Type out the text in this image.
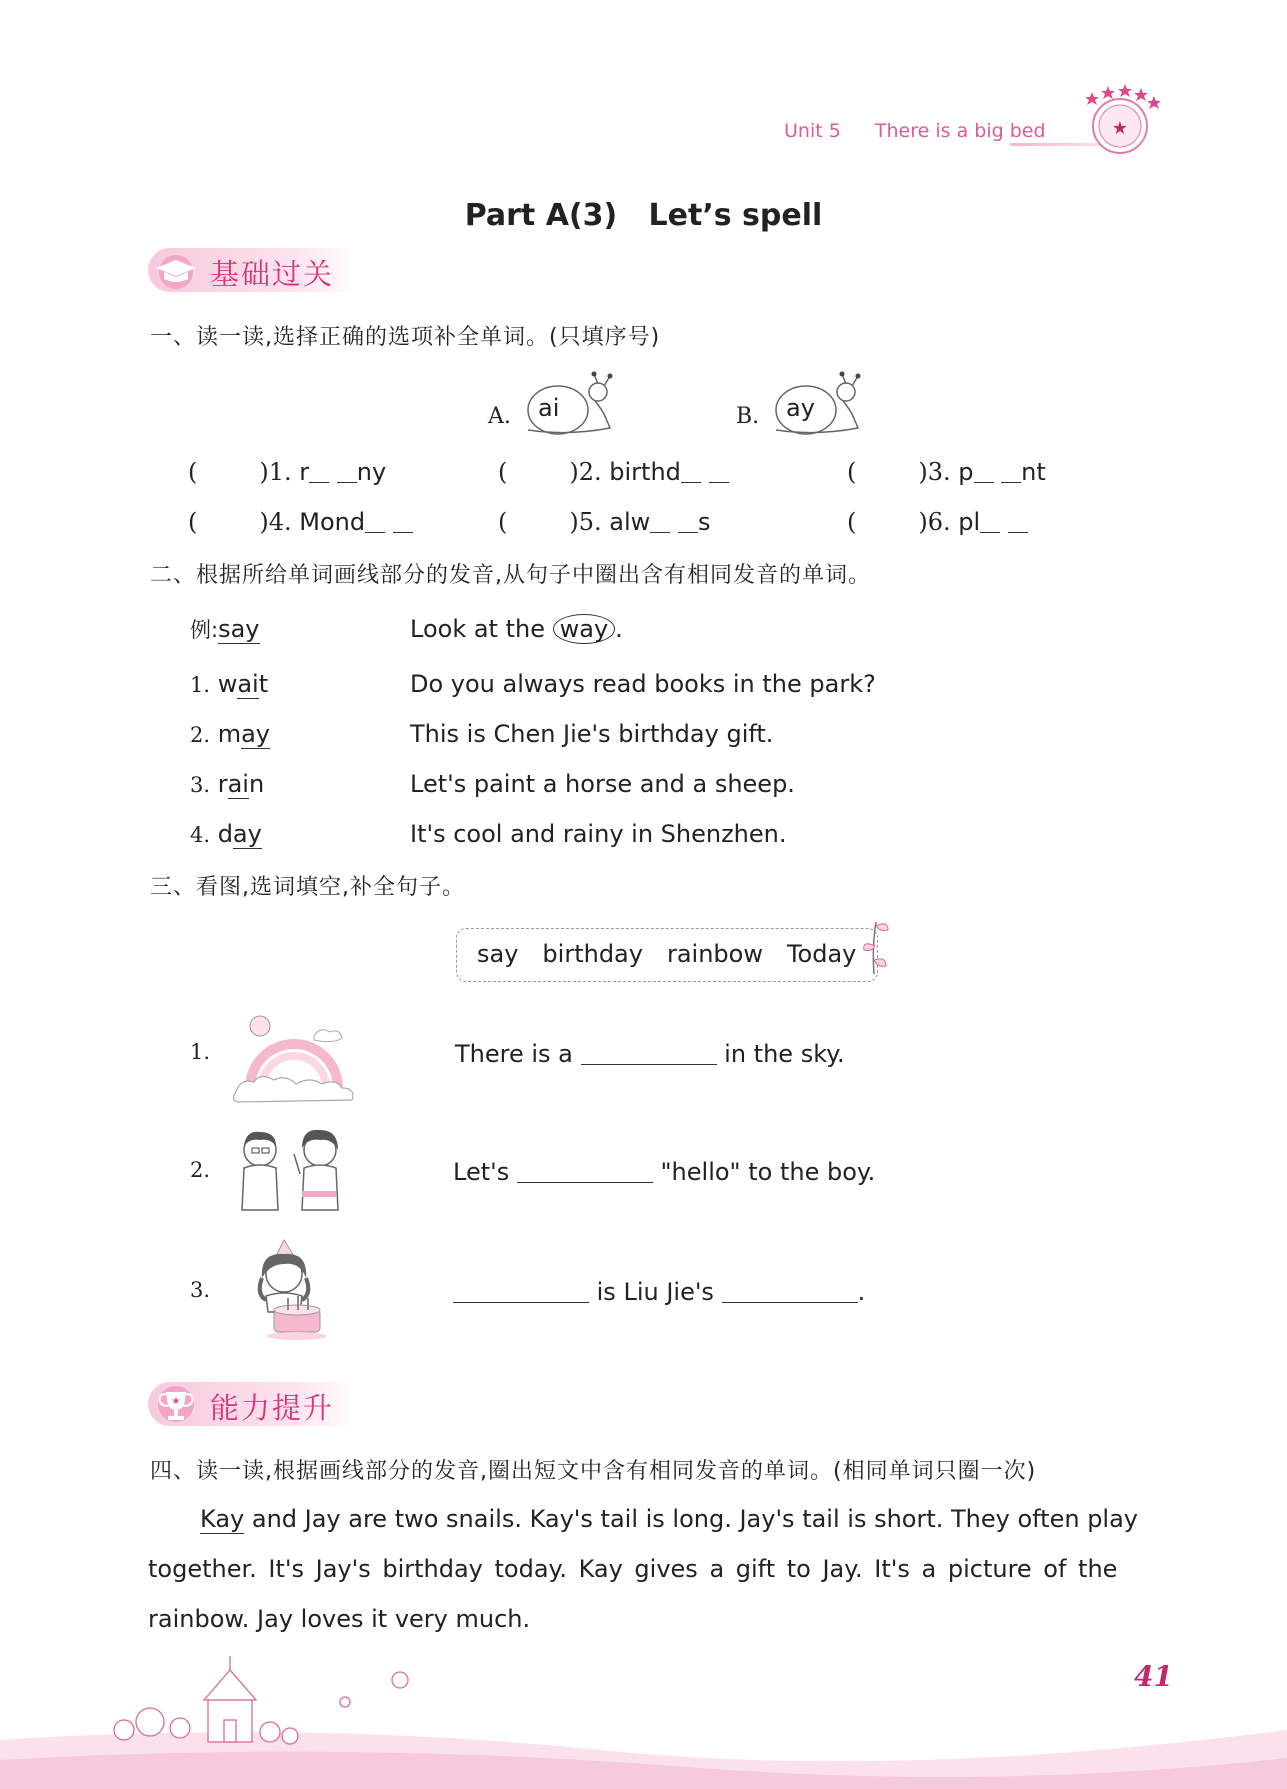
Unit 5 There is a big bed	★
Part A(3)   Let’s spell
基础过关
一、读一读,选择正确的选项补全单词。(只填序号)
A. ai	B. ay
(	)1. r ny	(	)2. birthd	(	)3. p nt
(	)4. Mond	(	)5. alw s	(	)6. pl
二、根据所给单词画线部分的发音,从句子中圈出含有相同发音的单词。
例:say	Look at the way .
1. wait	Do you always read books in the park?
2. may	This is Chen Jie's birthday gift.
3. rain	Let's paint a horse and a sheep.
4. day	It's cool and rainy in Shenzhen.
三、看图,选词填空,补全句子。
say birthday rainbow Today
1.	There is a	in the sky.
2.	Let's	"hello" to the boy.
3.	is Liu Jie's	.
★ 能力提升
四、读一读,根据画线部分的发音,圈出短文中含有相同发音的单词。(相同单词只圈一次)
Kay and Jay are two snails. Kay's tail is long. Jay's tail is short. They often play
together. It's Jay's birthday today. Kay gives a gift to Jay. It's a picture of the
rainbow. Jay loves it very much.
41
